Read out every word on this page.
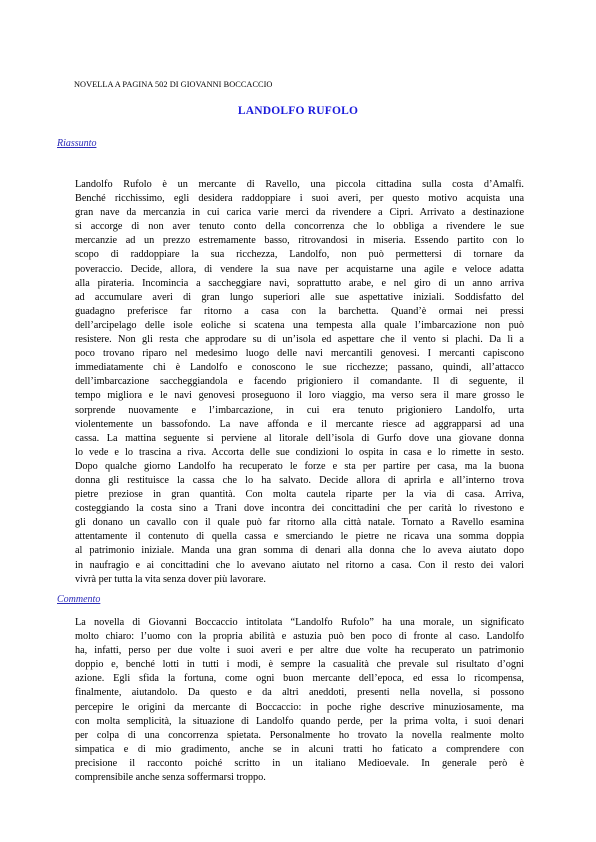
NOVELLA A PAGINA 502 DI GIOVANNI BOCCACCIO
LANDOLFO RUFOLO
Riassunto
Landolfo Rufolo è un mercante di Ravello, una piccola cittadina sulla costa d’Amalfi.
Benché ricchissimo, egli desidera raddoppiare i suoi averi, per questo motivo acquista una
gran nave da mercanzia in cui carica varie merci da rivendere a Cipri. Arrivato a destinazione
si accorge di non aver tenuto conto della concorrenza che lo obbliga a rivendere le sue
mercanzie ad un prezzo estremamente basso, ritrovandosi in miseria. Essendo partito con lo
scopo di raddoppiare la sua ricchezza, Landolfo, non può permettersi di tornare da
poveraccio. Decide, allora, di vendere la sua nave per acquistarne una agile e veloce adatta
alla pirateria. Incomincia a saccheggiare navi, soprattutto arabe, e nel giro di un anno arriva
ad accumulare averi di gran lungo superiori alle sue aspettative iniziali. Soddisfatto del
guadagno preferisce far ritorno a casa con la barchetta. Quand’è ormai nei pressi
dell’arcipelago delle isole eoliche si scatena una tempesta alla quale l’imbarcazione non può
resistere. Non gli resta che approdare su di un’isola ed aspettare che il vento si plachi. Da lì a
poco trovano riparo nel medesimo luogo delle navi mercantili genovesi. I mercanti capiscono
immediatamente chi è Landolfo e conoscono le sue ricchezze; passano, quindi, all’attacco
dell’imbarcazione saccheggiandola e facendo prigioniero il comandante. Il dì seguente, il
tempo migliora e le navi genovesi proseguono il loro viaggio, ma verso sera il mare grosso le
sorprende nuovamente e l’imbarcazione, in cui era tenuto prigioniero Landolfo, urta
violentemente un bassofondo. La nave affonda e il mercante riesce ad aggrapparsi ad una
cassa. La mattina seguente si perviene al litorale dell’isola di Gurfo dove una giovane donna
lo vede e lo trascina a riva. Accorta delle sue condizioni lo ospita in casa e lo rimette in sesto.
Dopo qualche giorno Landolfo ha recuperato le forze e sta per partire per casa, ma la buona
donna gli restituisce la cassa che lo ha salvato. Decide allora di aprirla e all’interno trova
pietre preziose in gran quantità. Con molta cautela riparte per la via di casa. Arriva,
costeggiando la costa sino a Trani dove incontra dei concittadini che per carità lo rivestono e
gli donano un cavallo con il quale può far ritorno alla città natale. Tornato a Ravello esamina
attentamente il contenuto di quella cassa e smerciando le pietre ne ricava una somma doppia
al patrimonio iniziale. Manda una gran somma di denari alla donna che lo aveva aiutato dopo
in naufragio e ai concittadini che lo avevano aiutato nel ritorno a casa. Con il resto dei valori
vivrà per tutta la vita senza dover più lavorare.
Commento
La novella di Giovanni Boccaccio intitolata “Landolfo Rufolo” ha una morale, un significato
molto chiaro: l’uomo con la propria abilità e astuzia può ben poco di fronte al caso. Landolfo
ha, infatti, perso per due volte i suoi averi e per altre due volte ha recuperato un patrimonio
doppio e, benché lotti in tutti i modi, è sempre la casualità che prevale sul risultato d’ogni
azione. Egli sfida la fortuna, come ogni buon mercante dell’epoca, ed essa lo ricompensa,
finalmente, aiutandolo. Da questo e da altri aneddoti, presenti nella novella, si possono
percepire le origini da mercante di Boccaccio: in poche righe descrive minuziosamente, ma
con molta semplicità, la situazione di Landolfo quando perde, per la prima volta, i suoi denari
per colpa di una concorrenza spietata. Personalmente ho trovato la novella realmente molto
simpatica e di mio gradimento, anche se in alcuni tratti ho faticato a comprendere con
precisione il racconto poiché scritto in un italiano Medioevale. In generale però è
comprensibile anche senza soffermarsi troppo.
